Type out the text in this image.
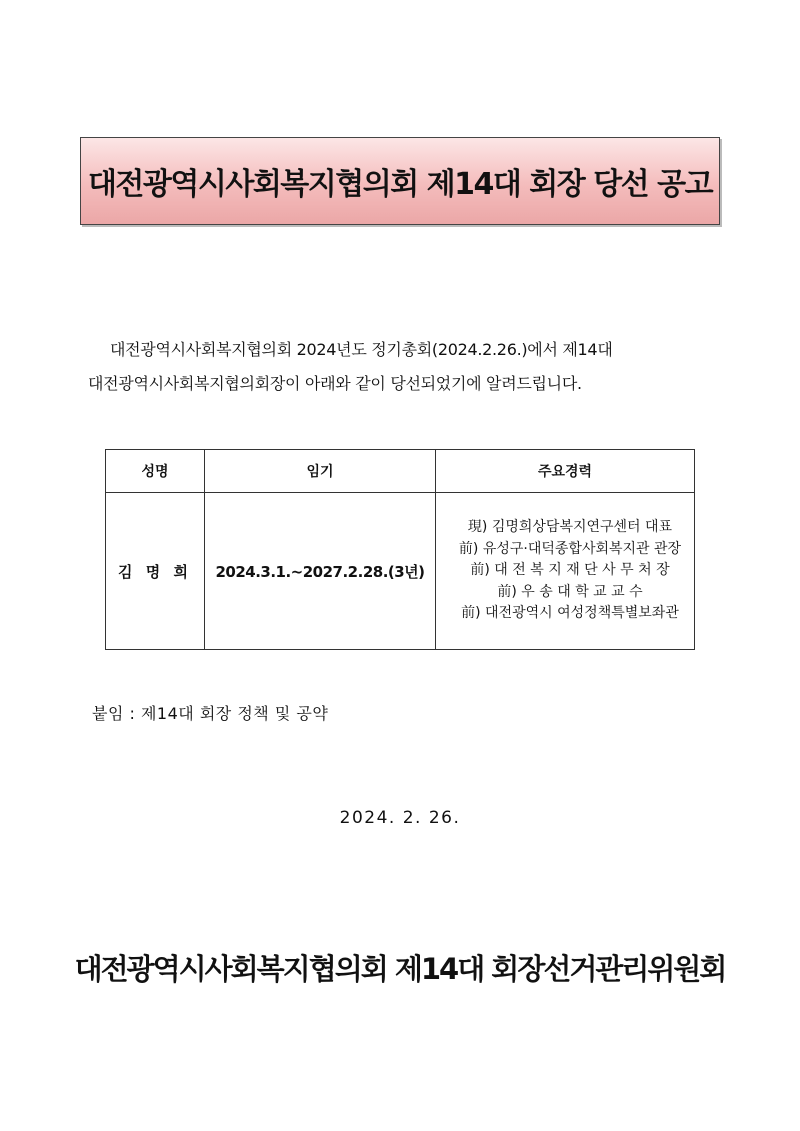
대전광역시사회복지협의회 제14대 회장 당선 공고

대전광역시사회복지협의회 2024년도 정기총회(2024.2.26.)에서 제14대

대전광역시사회복지협의회장이 아래와 같이 당선되었기에 알려드립니다.

성명	임기	주요경력
김 명 희	2024.3.1.~2027.2.28.(3년)	現) 김명희상담복지연구센터 대표
前) 유성구·대덕종합사회복지관 관장
前) 대 전 복 지 재 단 사 무 처 장
前) 우 송 대 학 교 교 수
前) 대전광역시 여성정책특별보좌관
붙임 : 제14대 회장 정책 및 공약
2024. 2. 26.
대전광역시사회복지협의회 제14대 회장선거관리위원회
